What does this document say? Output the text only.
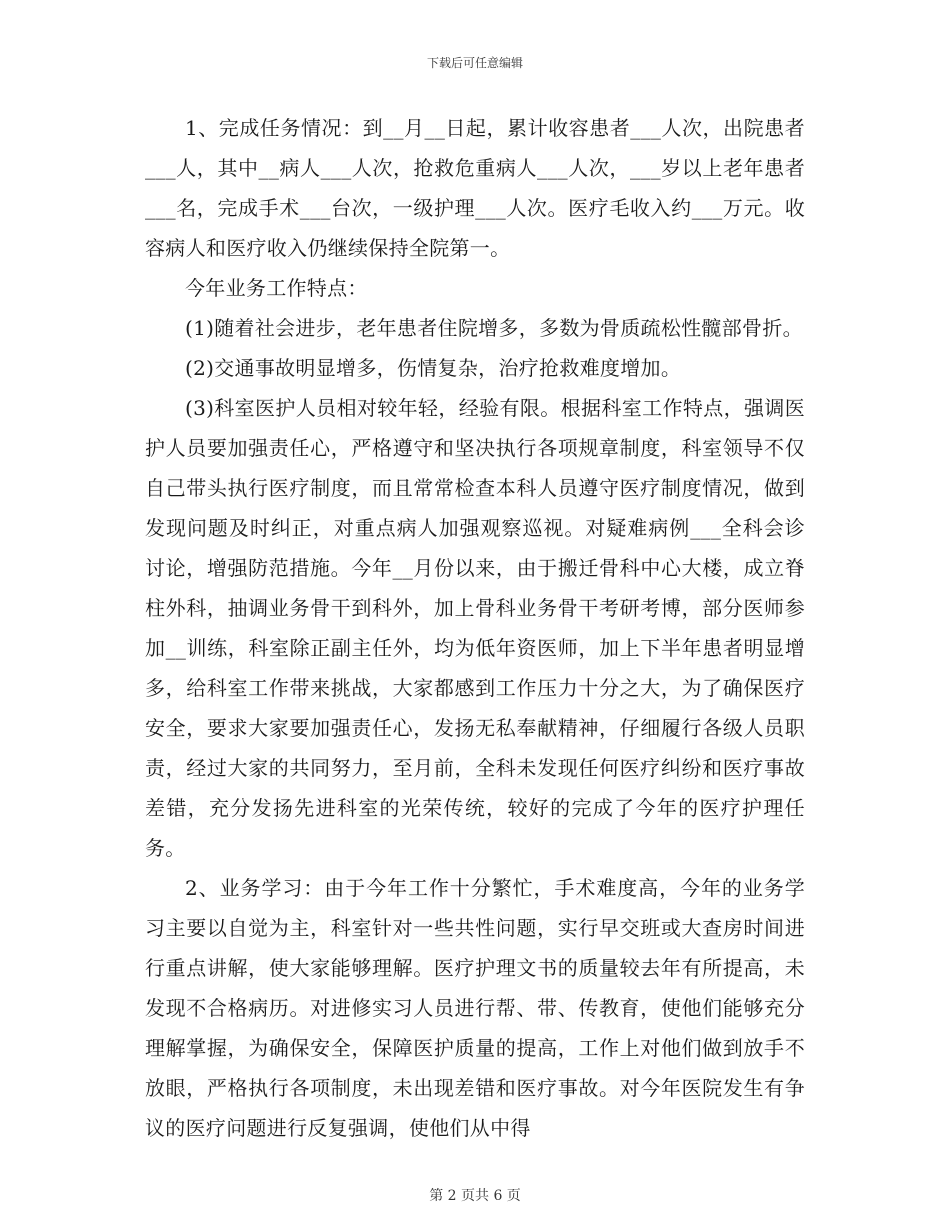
下载后可任意编辑

1、完成任务情况：到__月__日起，累计收容患者___人次，出院患者___人，其中__病人___人次，抢救危重病人___人次，___岁以上老年患者___名，完成手术___台次，一级护理___人次。医疗毛收入约___万元。收容病人和医疗收入仍继续保持全院第一。

今年业务工作特点：

(1)随着社会进步，老年患者住院增多，多数为骨质疏松性髋部骨折。

(2)交通事故明显增多，伤情复杂，治疗抢救难度增加。

(3)科室医护人员相对较年轻，经验有限。根据科室工作特点，强调医护人员要加强责任心，严格遵守和坚决执行各项规章制度，科室领导不仅自己带头执行医疗制度，而且常常检查本科人员遵守医疗制度情况，做到发现问题及时纠正，对重点病人加强观察巡视。对疑难病例___全科会诊讨论，增强防范措施。今年__月份以来，由于搬迁骨科中心大楼，成立脊柱外科，抽调业务骨干到科外，加上骨科业务骨干考研考博，部分医师参加__训练，科室除正副主任外，均为低年资医师，加上下半年患者明显增多，给科室工作带来挑战，大家都感到工作压力十分之大，为了确保医疗安全，要求大家要加强责任心，发扬无私奉献精神，仔细履行各级人员职责，经过大家的共同努力，至月前，全科未发现任何医疗纠纷和医疗事故差错，充分发扬先进科室的光荣传统，较好的完成了今年的医疗护理任务。

2、业务学习：由于今年工作十分繁忙，手术难度高，今年的业务学习主要以自觉为主，科室针对一些共性问题，实行早交班或大查房时间进行重点讲解，使大家能够理解。医疗护理文书的质量较去年有所提高，未发现不合格病历。对进修实习人员进行帮、带、传教育，使他们能够充分理解掌握，为确保安全，保障医护质量的提高，工作上对他们做到放手不放眼，严格执行各项制度，未出现差错和医疗事故。对今年医院发生有争议的医疗问题进行反复强调，使他们从中得

第 2 页共 6 页
